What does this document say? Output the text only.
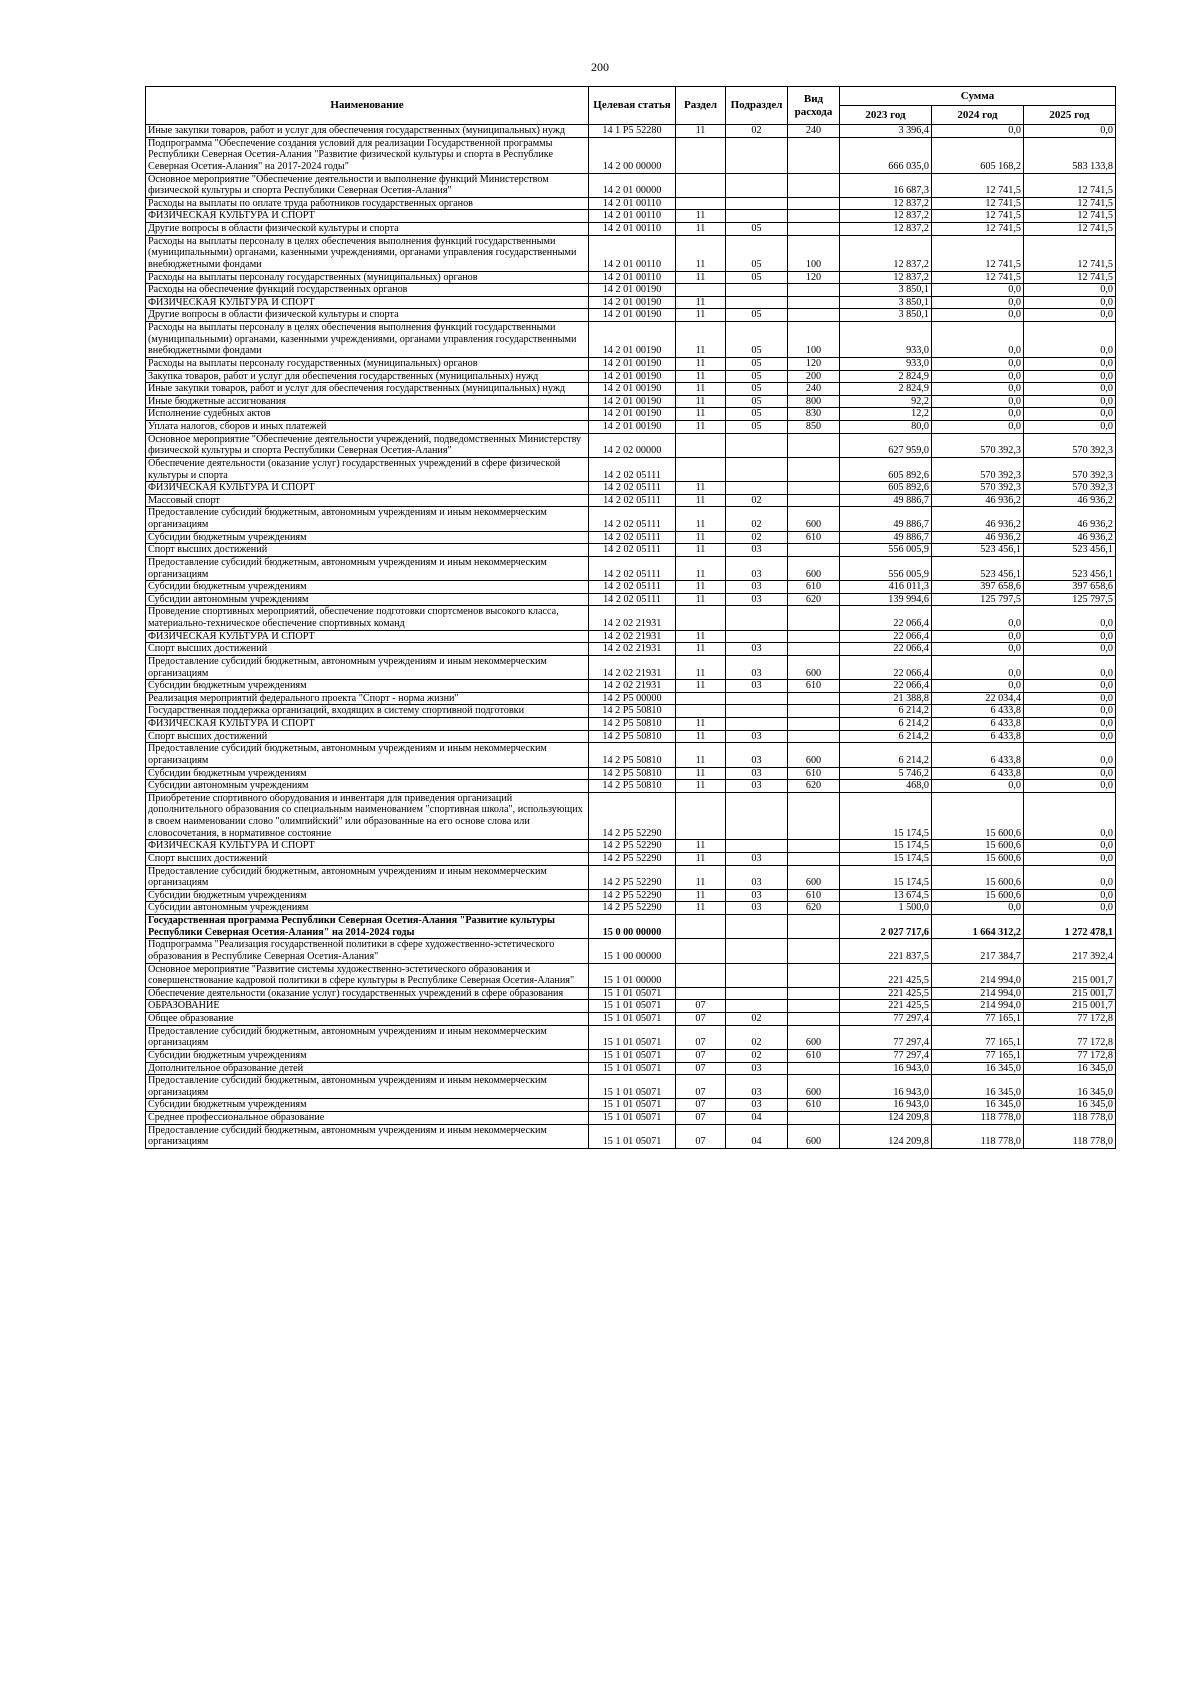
200
Наименование	Целевая статья	Раздел	Подраздел	Вид расхода	Сумма		
					2023 год	2024 год	2025 год
Иные закупки товаров, работ и услуг для обеспечения государственных (муниципальных) нужд	14 1 P5 52280	11	02	240	3 396,4	0,0	0,0
Подпрограмма "Обеспечение создания условий для реализации Государственной программы Республики Северная Осетия-Алания "Развитие физической культуры и спорта в Республике Северная Осетия-Алания" на 2017-2024 годы"	14 2 00 00000				666 035,0	605 168,2	583 133,8
Основное мероприятие "Обеспечение деятельности и выполнение функций Министерством физической культуры и спорта Республики Северная Осетия-Алания"	14 2 01 00000				16 687,3	12 741,5	12 741,5
Расходы на выплаты по оплате труда работников государственных органов	14 2 01 00110				12 837,2	12 741,5	12 741,5
ФИЗИЧЕСКАЯ КУЛЬТУРА И СПОРТ	14 2 01 00110	11			12 837,2	12 741,5	12 741,5
Другие вопросы в области физической культуры и спорта	14 2 01 00110	11	05		12 837,2	12 741,5	12 741,5
Расходы на выплаты персоналу в целях обеспечения выполнения функций государственными (муниципальными) органами, казенными учреждениями, органами управления государственными внебюджетными фондами	14 2 01 00110	11	05	100	12 837,2	12 741,5	12 741,5
Расходы на выплаты персоналу государственных (муниципальных) органов	14 2 01 00110	11	05	120	12 837,2	12 741,5	12 741,5
Расходы на обеспечение функций государственных органов	14 2 01 00190				3 850,1	0,0	0,0
ФИЗИЧЕСКАЯ КУЛЬТУРА И СПОРТ	14 2 01 00190	11			3 850,1	0,0	0,0
Другие вопросы в области физической культуры и спорта	14 2 01 00190	11	05		3 850,1	0,0	0,0
Расходы на выплаты персоналу в целях обеспечения выполнения функций государственными (муниципальными) органами, казенными учреждениями, органами управления государственными внебюджетными фондами	14 2 01 00190	11	05	100	933,0	0,0	0,0
Расходы на выплаты персоналу государственных (муниципальных) органов	14 2 01 00190	11	05	120	933,0	0,0	0,0
Закупка товаров, работ и услуг для обеспечения государственных (муниципальных) нужд	14 2 01 00190	11	05	200	2 824,9	0,0	0,0
Иные закупки товаров, работ и услуг для обеспечения государственных (муниципальных) нужд	14 2 01 00190	11	05	240	2 824,9	0,0	0,0
Иные бюджетные ассигнования	14 2 01 00190	11	05	800	92,2	0,0	0,0
Исполнение судебных актов	14 2 01 00190	11	05	830	12,2	0,0	0,0
Уплата налогов, сборов и иных платежей	14 2 01 00190	11	05	850	80,0	0,0	0,0
Основное мероприятие "Обеспечение деятельности учреждений, подведомственных Министерству физической культуры и спорта Республики Северная Осетия-Алания"	14 2 02 00000				627 959,0	570 392,3	570 392,3
Обеспечение деятельности (оказание услуг) государственных учреждений в сфере физической культуры и спорта	14 2 02 05111				605 892,6	570 392,3	570 392,3
ФИЗИЧЕСКАЯ КУЛЬТУРА И СПОРТ	14 2 02 05111	11			605 892,6	570 392,3	570 392,3
Массовый спорт	14 2 02 05111	11	02		49 886,7	46 936,2	46 936,2
Предоставление субсидий бюджетным, автономным учреждениям и иным некоммерческим организациям	14 2 02 05111	11	02	600	49 886,7	46 936,2	46 936,2
Субсидии бюджетным учреждениям	14 2 02 05111	11	02	610	49 886,7	46 936,2	46 936,2
Спорт высших достижений	14 2 02 05111	11	03		556 005,9	523 456,1	523 456,1
Предоставление субсидий бюджетным, автономным учреждениям и иным некоммерческим организациям	14 2 02 05111	11	03	600	556 005,9	523 456,1	523 456,1
Субсидии бюджетным учреждениям	14 2 02 05111	11	03	610	416 011,3	397 658,6	397 658,6
Субсидии автономным учреждениям	14 2 02 05111	11	03	620	139 994,6	125 797,5	125 797,5
Проведение спортивных мероприятий, обеспечение подготовки спортсменов высокого класса, материально-техническое обеспечение спортивных команд	14 2 02 21931				22 066,4	0,0	0,0
ФИЗИЧЕСКАЯ КУЛЬТУРА И СПОРТ	14 2 02 21931	11			22 066,4	0,0	0,0
Спорт высших достижений	14 2 02 21931	11	03		22 066,4	0,0	0,0
Предоставление субсидий бюджетным, автономным учреждениям и иным некоммерческим организациям	14 2 02 21931	11	03	600	22 066,4	0,0	0,0
Субсидии бюджетным учреждениям	14 2 02 21931	11	03	610	22 066,4	0,0	0,0
Реализация мероприятий федерального проекта "Спорт - норма жизни"	14 2 P5 00000				21 388,8	22 034,4	0,0
Государственная поддержка организаций, входящих в систему спортивной подготовки	14 2 P5 50810				6 214,2	6 433,8	0,0
ФИЗИЧЕСКАЯ КУЛЬТУРА И СПОРТ	14 2 P5 50810	11			6 214,2	6 433,8	0,0
Спорт высших достижений	14 2 P5 50810	11	03		6 214,2	6 433,8	0,0
Предоставление субсидий бюджетным, автономным учреждениям и иным некоммерческим организациям	14 2 P5 50810	11	03	600	6 214,2	6 433,8	0,0
Субсидии бюджетным учреждениям	14 2 P5 50810	11	03	610	5 746,2	6 433,8	0,0
Субсидии автономным учреждениям	14 2 P5 50810	11	03	620	468,0	0,0	0,0
Приобретение спортивного оборудования и инвентаря для приведения организаций дополнительного образования со специальным наименованием "спортивная школа", использующих в своем наименовании слово "олимпийский" или образованные на его основе слова или словосочетания, в нормативное состояние	14 2 P5 52290				15 174,5	15 600,6	0,0
ФИЗИЧЕСКАЯ КУЛЬТУРА И СПОРТ	14 2 P5 52290	11			15 174,5	15 600,6	0,0
Спорт высших достижений	14 2 P5 52290	11	03		15 174,5	15 600,6	0,0
Предоставление субсидий бюджетным, автономным учреждениям и иным некоммерческим организациям	14 2 P5 52290	11	03	600	15 174,5	15 600,6	0,0
Субсидии бюджетным учреждениям	14 2 P5 52290	11	03	610	13 674,5	15 600,6	0,0
Субсидии автономным учреждениям	14 2 P5 52290	11	03	620	1 500,0	0,0	0,0
Государственная программа Республики Северная Осетия-Алания "Развитие культуры Республики Северная Осетия-Алания" на 2014-2024 годы	15 0 00 00000				2 027 717,6	1 664 312,2	1 272 478,1
Подпрограмма "Реализация государственной политики в сфере художественно-эстетического образования в Республике Северная Осетия-Алания"	15 1 00 00000				221 837,5	217 384,7	217 392,4
Основное мероприятие "Развитие системы художественно-эстетического образования и совершенствование кадровой политики в сфере культуры в Республике Северная Осетия-Алания"	15 1 01 00000				221 425,5	214 994,0	215 001,7
Обеспечение деятельности (оказание услуг) государственных учреждений в сфере образования	15 1 01 05071				221 425,5	214 994,0	215 001,7
ОБРАЗОВАНИЕ	15 1 01 05071	07			221 425,5	214 994,0	215 001,7
Общее образование	15 1 01 05071	07	02		77 297,4	77 165,1	77 172,8
Предоставление субсидий бюджетным, автономным учреждениям и иным некоммерческим организациям	15 1 01 05071	07	02	600	77 297,4	77 165,1	77 172,8
Субсидии бюджетным учреждениям	15 1 01 05071	07	02	610	77 297,4	77 165,1	77 172,8
Дополнительное образование детей	15 1 01 05071	07	03		16 943,0	16 345,0	16 345,0
Предоставление субсидий бюджетным, автономным учреждениям и иным некоммерческим организациям	15 1 01 05071	07	03	600	16 943,0	16 345,0	16 345,0
Субсидии бюджетным учреждениям	15 1 01 05071	07	03	610	16 943,0	16 345,0	16 345,0
Среднее профессиональное образование	15 1 01 05071	07	04		124 209,8	118 778,0	118 778,0
Предоставление субсидий бюджетным, автономным учреждениям и иным некоммерческим организациям	15 1 01 05071	07	04	600	124 209,8	118 778,0	118 778,0
